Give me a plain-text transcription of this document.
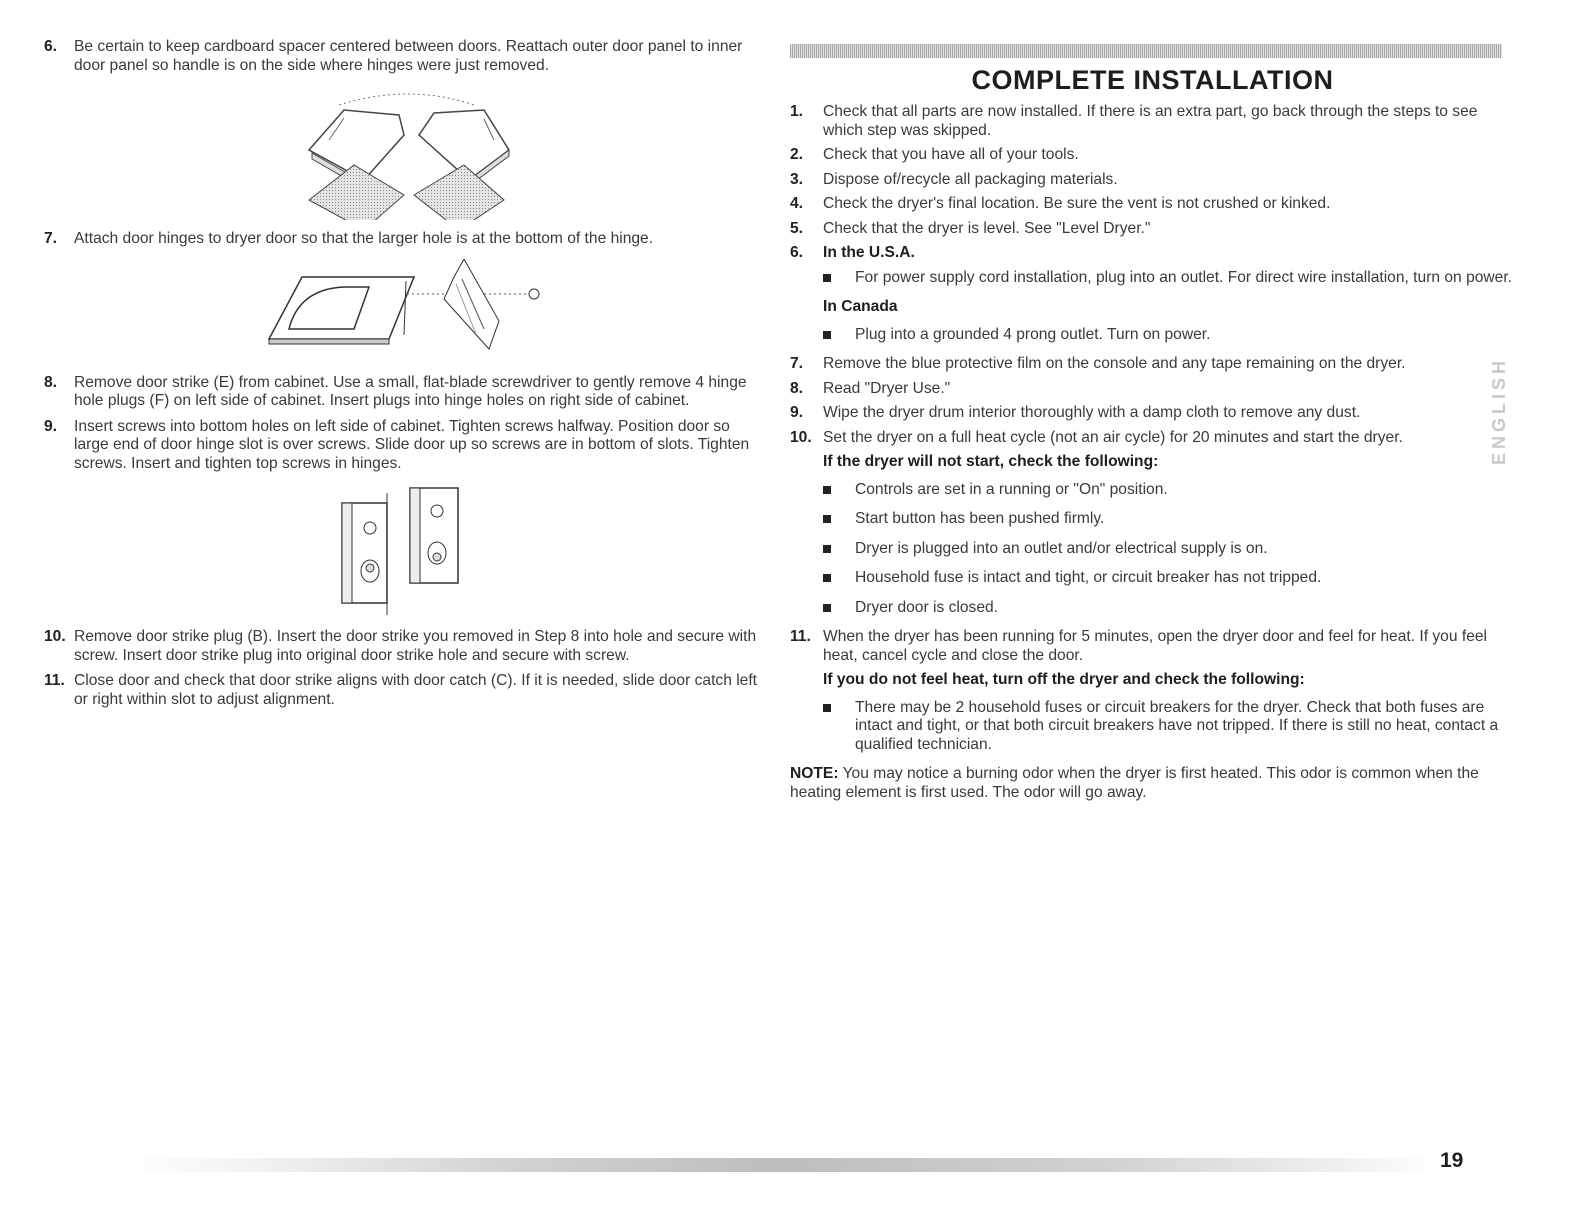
6.	Be certain to keep cardboard spacer centered between doors. Reattach outer door panel to inner door panel so handle is on the side where hinges were just removed.
7.	Attach door hinges to dryer door so that the larger hole is at the bottom of the hinge.
8.	Remove door strike (E) from cabinet. Use a small, flat-blade screwdriver to gently remove 4 hinge hole plugs (F) on left side of cabinet. Insert plugs into hinge holes on right side of cabinet.
9.	Insert screws into bottom holes on left side of cabinet. Tighten screws halfway. Position door so large end of door hinge slot is over screws. Slide door up so screws are in bottom of slots. Tighten screws. Insert and tighten top screws in hinges.
10. Remove door strike plug (B). Insert the door strike you removed in Step 8 into hole and secure with screw. Insert door strike plug into original door strike hole and secure with screw.
11. Close door and check that door strike aligns with door catch (C). If it is needed, slide door catch left or right within slot to adjust alignment.
COMPLETE INSTALLATION
1.	Check that all parts are now installed. If there is an extra part, go back through the steps to see which step was skipped.
2.	Check that you have all of your tools.
3.	Dispose of/recycle all packaging materials.
4.	Check the dryer's final location. Be sure the vent is not crushed or kinked.
5.	Check that the dryer is level. See "Level Dryer."
6.	In the U.S.A.
For power supply cord installation, plug into an outlet. For direct wire installation, turn on power.
In Canada
Plug into a grounded 4 prong outlet. Turn on power.
7.	Remove the blue protective film on the console and any tape remaining on the dryer.
8.	Read "Dryer Use."
9.	Wipe the dryer drum interior thoroughly with a damp cloth to remove any dust.
10. Set the dryer on a full heat cycle (not an air cycle) for 20 minutes and start the dryer.
If the dryer will not start, check the following:
Controls are set in a running or "On" position.
Start button has been pushed firmly.
Dryer is plugged into an outlet and/or electrical supply is on.
Household fuse is intact and tight, or circuit breaker has not tripped.
Dryer door is closed.
11. When the dryer has been running for 5 minutes, open the dryer door and feel for heat. If you feel heat, cancel cycle and close the door.
If you do not feel heat, turn off the dryer and check the following:
There may be 2 household fuses or circuit breakers for the dryer. Check that both fuses are intact and tight, or that both circuit breakers have not tripped. If there is still no heat, contact a qualified technician.
NOTE: You may notice a burning odor when the dryer is first heated. This odor is common when the heating element is first used. The odor will go away.
ENGLISH
19
